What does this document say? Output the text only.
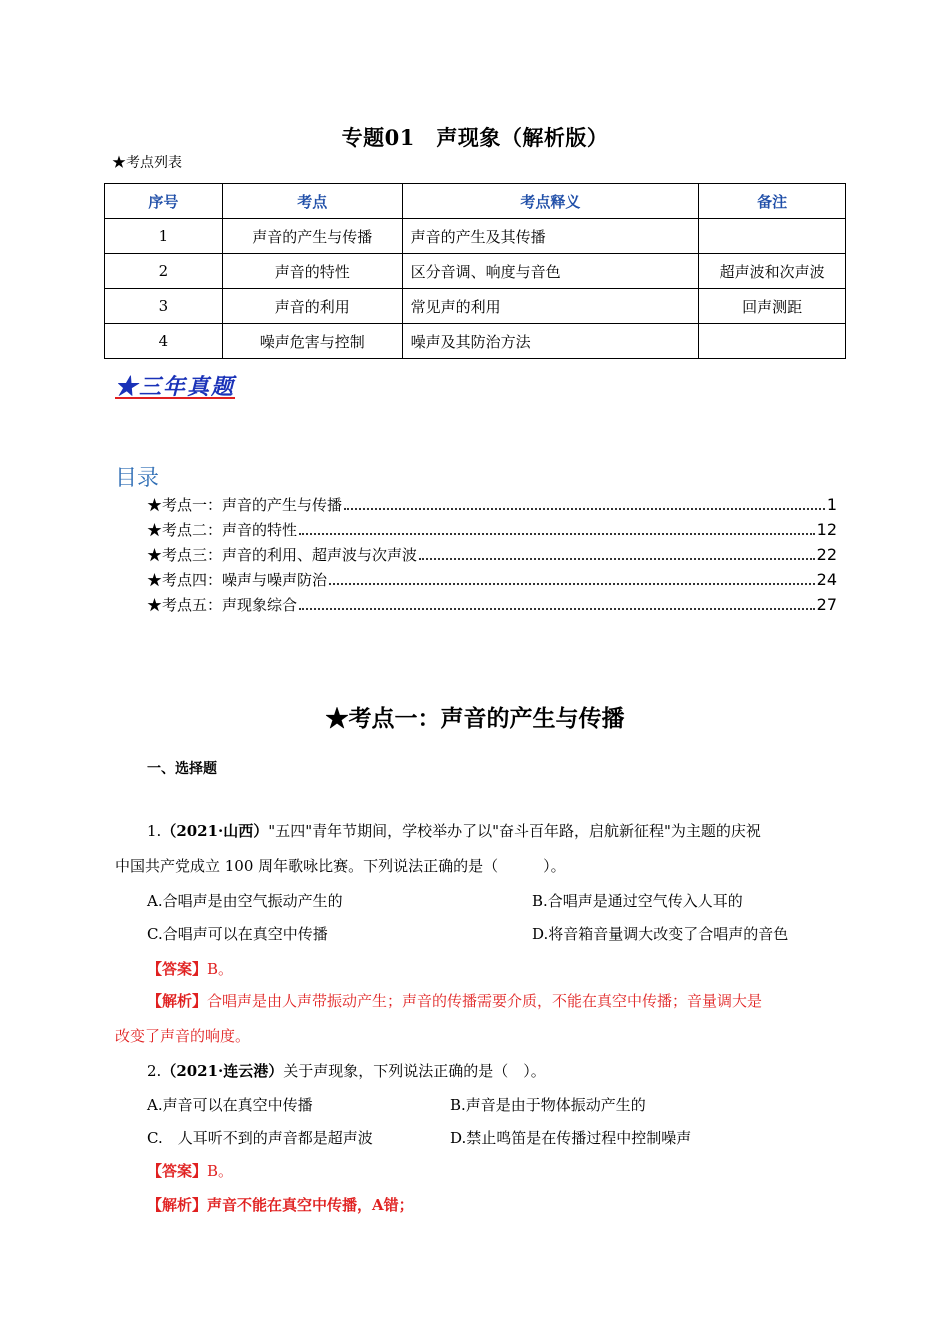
专题01　声现象（解析版）
★考点列表
序号	考点	考点释义	备注
1	声音的产生与传播	声音的产生及其传播	
2	声音的特性	区分音调、响度与音色	超声波和次声波
3	声音的利用	常见声的利用	回声测距
4	噪声危害与控制	噪声及其防治方法	
★三年真题
目录
★考点一：声音的产生与传播	1
★考点二：声音的特性	12
★考点三：声音的利用、超声波与次声波	22
★考点四：噪声与噪声防治	24
★考点五：声现象综合	27
★考点一：声音的产生与传播
一、选择题
1.（2021·山西）"五四"青年节期间，学校举办了以"奋斗百年路，启航新征程"为主题的庆祝
中国共产党成立 100 周年歌咏比赛。下列说法正确的是（　　　）。
A.合唱声是由空气振动产生的	B.合唱声是通过空气传入人耳的
C.合唱声可以在真空中传播	D.将音箱音量调大改变了合唱声的音色
【答案】B。
【解析】合唱声是由人声带振动产生；声音的传播需要介质，不能在真空中传播；音量调大是
改变了声音的响度。
2.（2021·连云港）关于声现象，下列说法正确的是（　）。
A.声音可以在真空中传播	B.声音是由于物体振动产生的
C.　人耳听不到的声音都是超声波	D.禁止鸣笛是在传播过程中控制噪声
【答案】B。
【解析】声音不能在真空中传播，A错；
